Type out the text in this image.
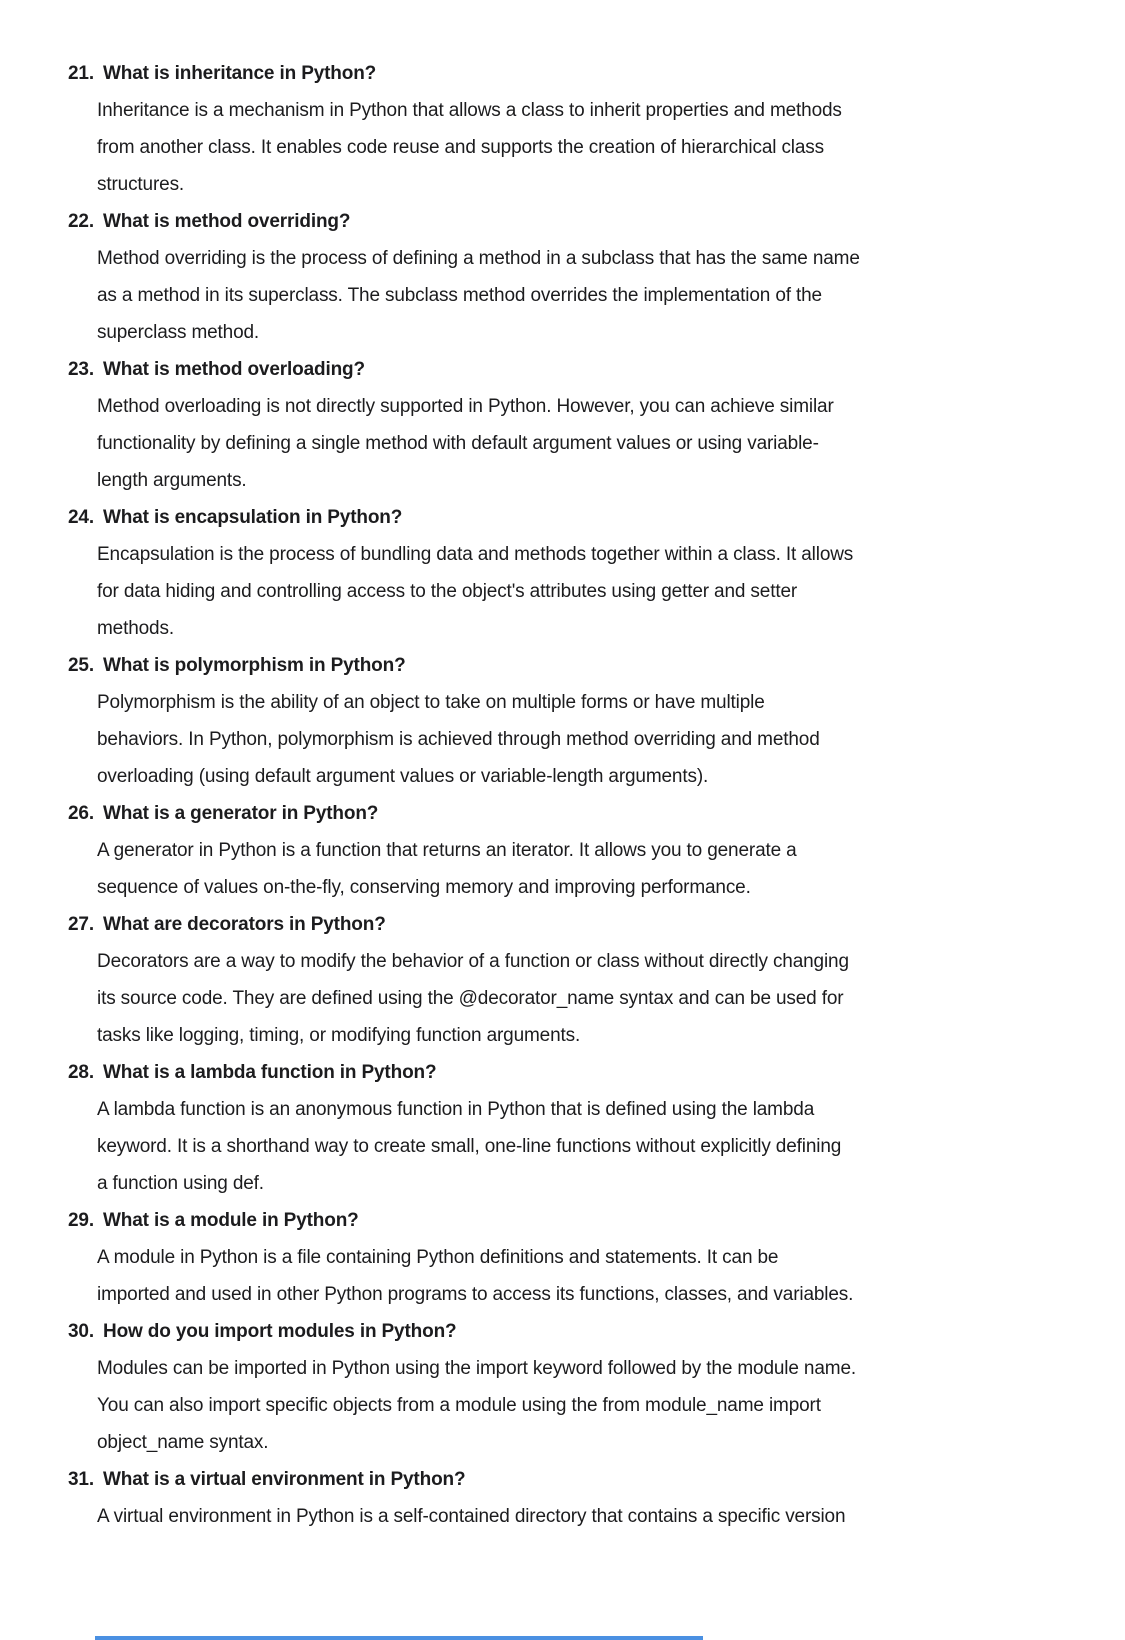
21. What is inheritance in Python?
Inheritance is a mechanism in Python that allows a class to inherit properties and methods
from another class. It enables code reuse and supports the creation of hierarchical class
structures.
22. What is method overriding?
Method overriding is the process of defining a method in a subclass that has the same name
as a method in its superclass. The subclass method overrides the implementation of the
superclass method.
23. What is method overloading?
Method overloading is not directly supported in Python. However, you can achieve similar
functionality by defining a single method with default argument values or using variable-
length arguments.
24. What is encapsulation in Python?
Encapsulation is the process of bundling data and methods together within a class. It allows
for data hiding and controlling access to the object's attributes using getter and setter
methods.
25. What is polymorphism in Python?
Polymorphism is the ability of an object to take on multiple forms or have multiple
behaviors. In Python, polymorphism is achieved through method overriding and method
overloading (using default argument values or variable-length arguments).
26. What is a generator in Python?
A generator in Python is a function that returns an iterator. It allows you to generate a
sequence of values on-the-fly, conserving memory and improving performance.
27. What are decorators in Python?
Decorators are a way to modify the behavior of a function or class without directly changing
its source code. They are defined using the @decorator_name syntax and can be used for
tasks like logging, timing, or modifying function arguments.
28. What is a lambda function in Python?
A lambda function is an anonymous function in Python that is defined using the lambda
keyword. It is a shorthand way to create small, one-line functions without explicitly defining
a function using def.
29. What is a module in Python?
A module in Python is a file containing Python definitions and statements. It can be
imported and used in other Python programs to access its functions, classes, and variables.
30. How do you import modules in Python?
Modules can be imported in Python using the import keyword followed by the module name.
You can also import specific objects from a module using the from module_name import
object_name syntax.
31. What is a virtual environment in Python?
A virtual environment in Python is a self-contained directory that contains a specific version
